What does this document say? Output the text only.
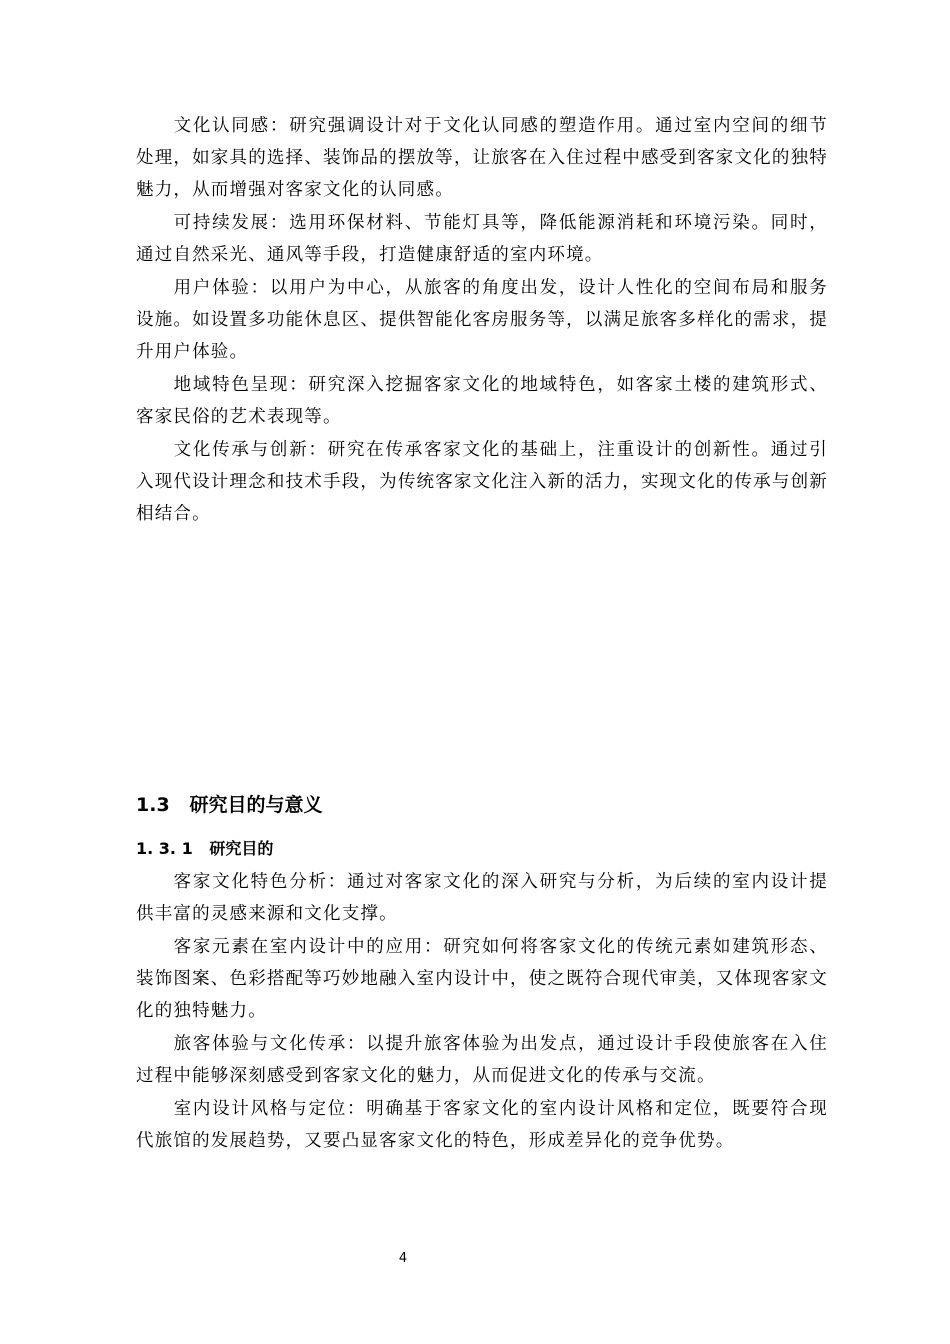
文化认同感：研究强调设计对于文化认同感的塑造作用。通过室内空间的细节处理，如家具的选择、装饰品的摆放等，让旅客在入住过程中感受到客家文化的独特魅力，从而增强对客家文化的认同感。

可持续发展：选用环保材料、节能灯具等，降低能源消耗和环境污染。同时，通过自然采光、通风等手段，打造健康舒适的室内环境。

用户体验：以用户为中心，从旅客的角度出发，设计人性化的空间布局和服务设施。如设置多功能休息区、提供智能化客房服务等，以满足旅客多样化的需求，提升用户体验。

地域特色呈现：研究深入挖掘客家文化的地域特色，如客家土楼的建筑形式、客家民俗的艺术表现等。

文化传承与创新：研究在传承客家文化的基础上，注重设计的创新性。通过引入现代设计理念和技术手段，为传统客家文化注入新的活力，实现文化的传承与创新相结合。

1.3   研究目的与意义
1. 3. 1   研究目的

客家文化特色分析：通过对客家文化的深入研究与分析，为后续的室内设计提供丰富的灵感来源和文化支撑。

客家元素在室内设计中的应用：研究如何将客家文化的传统元素如建筑形态、装饰图案、色彩搭配等巧妙地融入室内设计中，使之既符合现代审美，又体现客家文化的独特魅力。

旅客体验与文化传承：以提升旅客体验为出发点，通过设计手段使旅客在入住过程中能够深刻感受到客家文化的魅力，从而促进文化的传承与交流。

室内设计风格与定位：明确基于客家文化的室内设计风格和定位，既要符合现代旅馆的发展趋势，又要凸显客家文化的特色，形成差异化的竞争优势。

4
